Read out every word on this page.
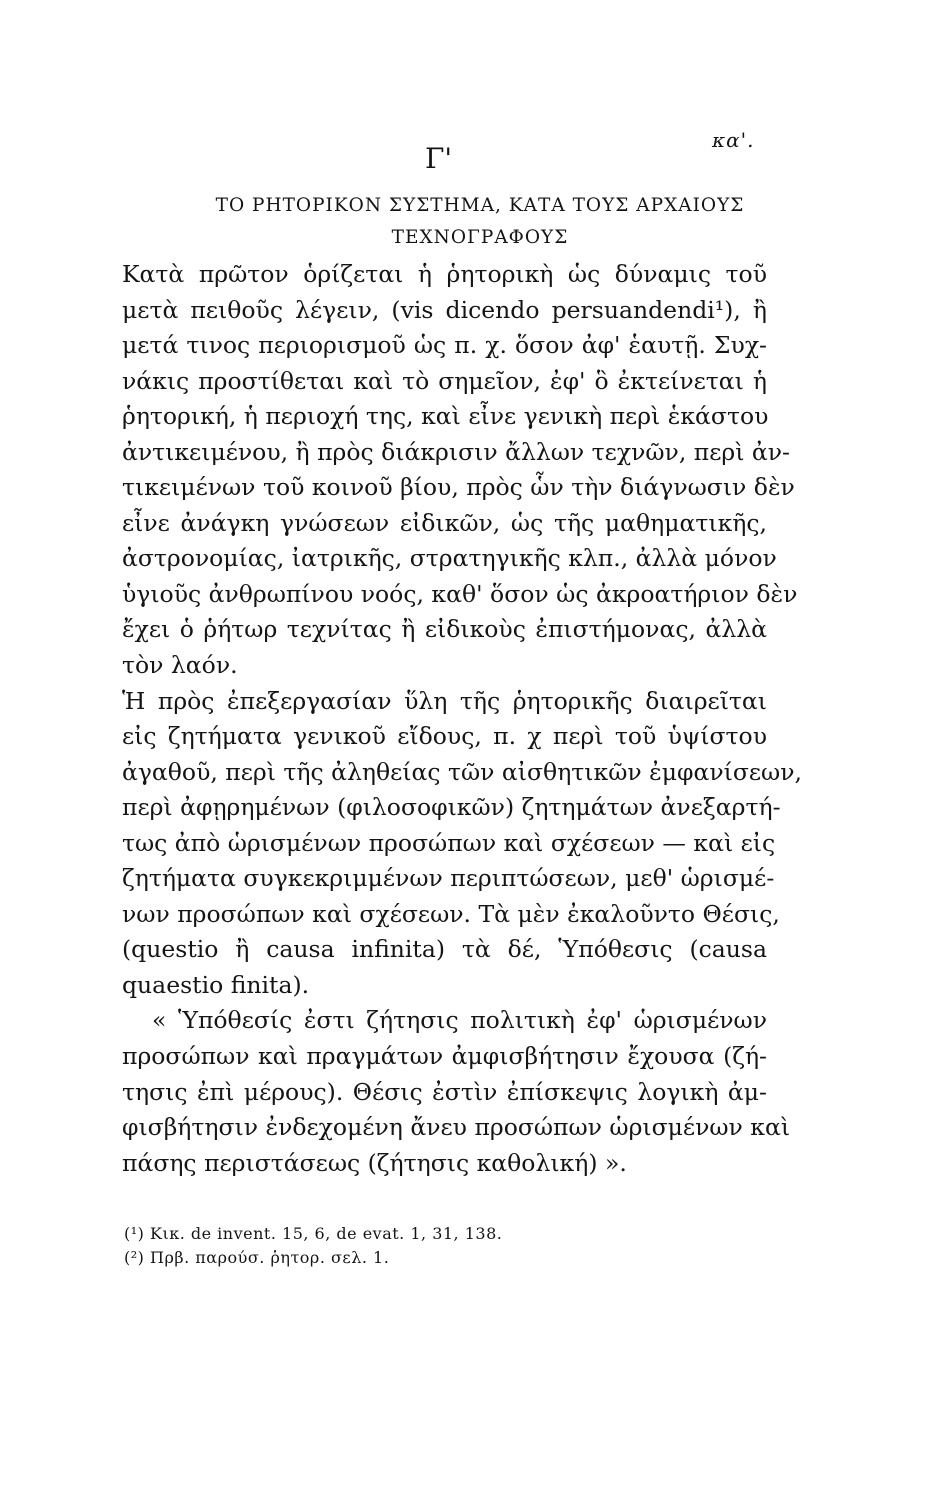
κα'.
Γ'
ΤΟ ΡΗΤΟΡΙΚΟΝ ΣΥΣΤΗΜΑ, ΚΑΤΑ ΤΟΥΣ ΑΡΧΑΙΟΥΣ
ΤΕΧΝΟΓΡΑΦΟΥΣ
Κατὰ πρῶτον ὁρίζεται ἡ ῥητορικὴ ὡς δύναμις τοῦ
μετὰ πειθοῦς λέγειν, (vis dicendo persuandendi¹), ἢ
μετά τινος περιορισμοῦ ὡς π. χ. ὅσον ἀφ' ἑαυτῇ. Συχ-
νάκις προστίθεται καὶ τὸ σημεῖον, ἐφ' ὃ ἐκτείνεται ἡ
ῥητορική, ἡ περιοχή της, καὶ εἶνε γενικὴ περὶ ἑκάστου
ἀντικειμένου, ἢ πρὸς διάκρισιν ἄλλων τεχνῶν, περὶ ἀν-
τικειμένων τοῦ κοινοῦ βίου, πρὸς ὧν τὴν διάγνωσιν δὲν
εἶνε ἀνάγκη γνώσεων εἰδικῶν, ὡς τῆς μαθηματικῆς,
ἀστρονομίας, ἰατρικῆς, στρατηγικῆς κλπ., ἀλλὰ μόνον
ὑγιοῦς ἀνθρωπίνου νοός, καθ' ὅσον ὡς ἀκροατήριον δὲν
ἔχει ὁ ῥήτωρ τεχνίτας ἢ εἰδικοὺς ἐπιστήμονας, ἀλλὰ
τὸν λαόν.
Ἡ πρὸς ἐπεξεργασίαν ὕλη τῆς ῥητορικῆς διαιρεῖται
εἰς ζητήματα γενικοῦ εἴδους, π. χ περὶ τοῦ ὑψίστου
ἀγαθοῦ, περὶ τῆς ἀληθείας τῶν αἰσθητικῶν ἐμφανίσεων,
περὶ ἀφῃρημένων (φιλοσοφικῶν) ζητημάτων ἀνεξαρτή-
τως ἀπὸ ὡρισμένων προσώπων καὶ σχέσεων — καὶ εἰς
ζητήματα συγκεκριμμένων περιπτώσεων, μεθ' ὡρισμέ-
νων προσώπων καὶ σχέσεων. Τὰ μὲν ἐκαλοῦντο Θέσις,
(questio ἢ causa infinita) τὰ δέ, Ὑπόθεσις (causa
quaestio finita).
« Ὑπόθεσίς ἐστι ζήτησις πολιτικὴ ἐφ' ὡρισμένων
προσώπων καὶ πραγμάτων ἀμφισβήτησιν ἔχουσα (ζή-
τησις ἐπὶ μέρους). Θέσις ἐστὶν ἐπίσκεψις λογικὴ ἀμ-
φισβήτησιν ἐνδεχομένη ἄνευ προσώπων ὡρισμένων καὶ
πάσης περιστάσεως (ζήτησις καθολική) ».
(¹) Κικ. de invent. 15, 6, de evat. 1, 31, 138.
(²) Πρβ. παρούσ. ῥητορ. σελ. 1.
